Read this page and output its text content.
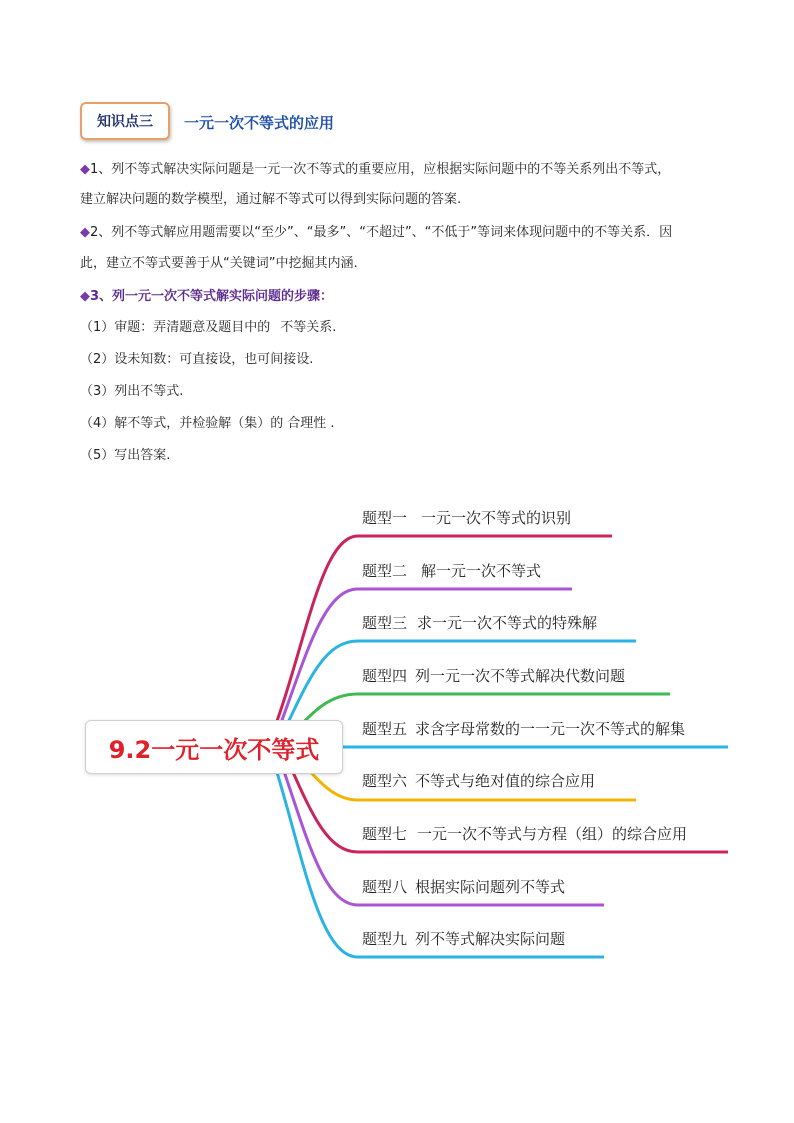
知识点三	一元一次不等式的应用
◆1、列不等式解决实际问题是一元一次不等式的重要应用，应根据实际问题中的不等关系列出不等式，
建立解决问题的数学模型，通过解不等式可以得到实际问题的答案.
◆2、列不等式解应用题需要以“至少”、“最多”、“不超过”、“不低于”等词来体现问题中的不等关系．因
此，建立不等式要善于从“关键词”中挖掘其内涵.
◆3、列一元一次不等式解实际问题的步骤：
（1）审题：弄清题意及题目中的 不等关系.
（2）设未知数：可直接设，也可间接设.
（3）列出不等式.
（4）解不等式，并检验解（集）的 合理性 .
（5）写出答案.
9.2一元一次不等式
题型一 一元一次不等式的识别
题型二 解一元一次不等式
题型三 求一元一次不等式的特殊解
题型四 列一元一次不等式解决代数问题
题型五 求含字母常数的一一元一次不等式的解集
题型六 不等式与绝对值的综合应用
题型七 一元一次不等式与方程（组）的综合应用
题型八 根据实际问题列不等式
题型九 列不等式解决实际问题
